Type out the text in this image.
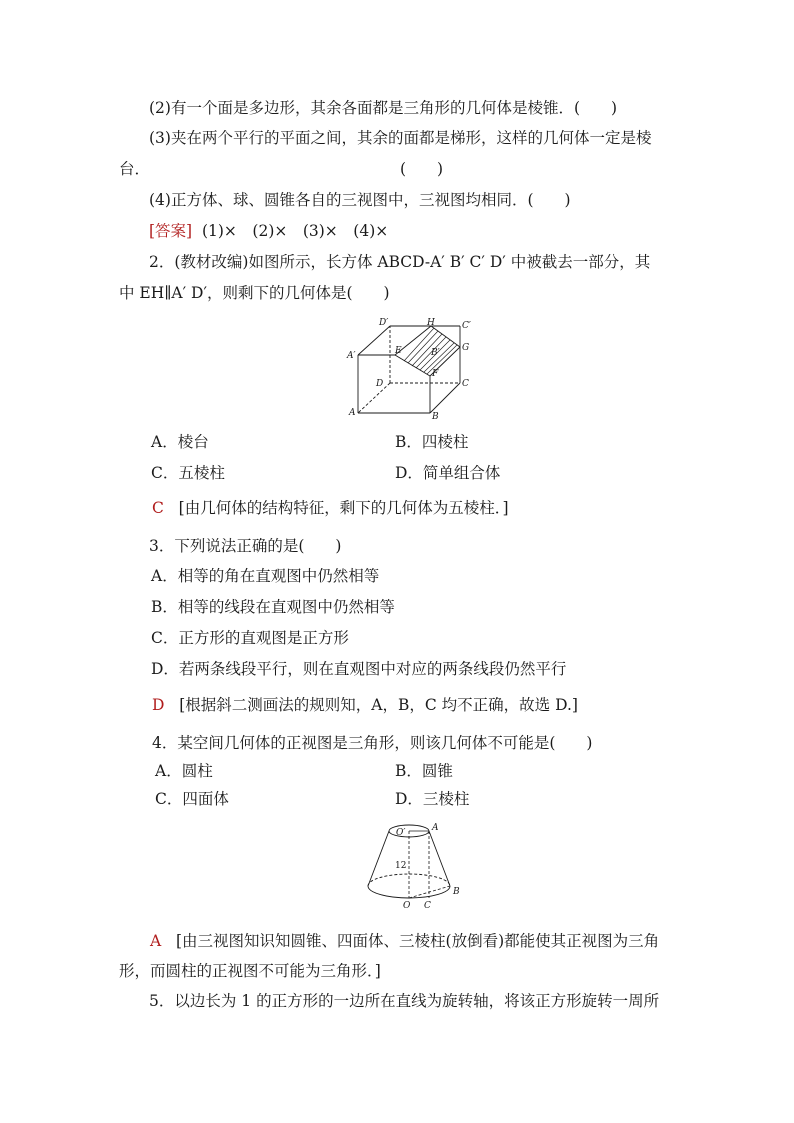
(2)有一个面是多边形，其余各面都是三角形的几何体是棱锥．(　　)
(3)夹在两个平行的平面之间，其余的面都是梯形，这样的几何体一定是棱
台．	(　　)
(4)正方体、球、圆锥各自的三视图中，三视图均相同．(　　)
[答案] (1)×　(2)×　(3)×　(4)×
2．(教材改编)如图所示，长方体 ABCD-A′ B′ C′ D′ 中被截去一部分，其
中 EH∥A′ D′，则剩下的几何体是(　　)
D′	H	C′
A′	E	B′ G
D
F
C
A	B
A．棱台	B．四棱柱
C．五棱柱	D．简单组合体
C [由几何体的结构特征，剩下的几何体为五棱柱．]
3．下列说法正确的是(　　)
A．相等的角在直观图中仍然相等
B．相等的线段在直观图中仍然相等
C．正方形的直观图是正方形
D．若两条线段平行，则在直观图中对应的两条线段仍然平行
D [根据斜二测画法的规则知，A，B，C 均不正确，故选 D.]
4．某空间几何体的正视图是三角形，则该几何体不可能是(　　)
A．圆柱	B．圆锥
C．四面体	D．三棱柱
O′	A
12
O C
B
A [由三视图知识知圆锥、四面体、三棱柱(放倒看)都能使其正视图为三角
形，而圆柱的正视图不可能为三角形．]
5．以边长为 1 的正方形的一边所在直线为旋转轴，将该正方形旋转一周所
